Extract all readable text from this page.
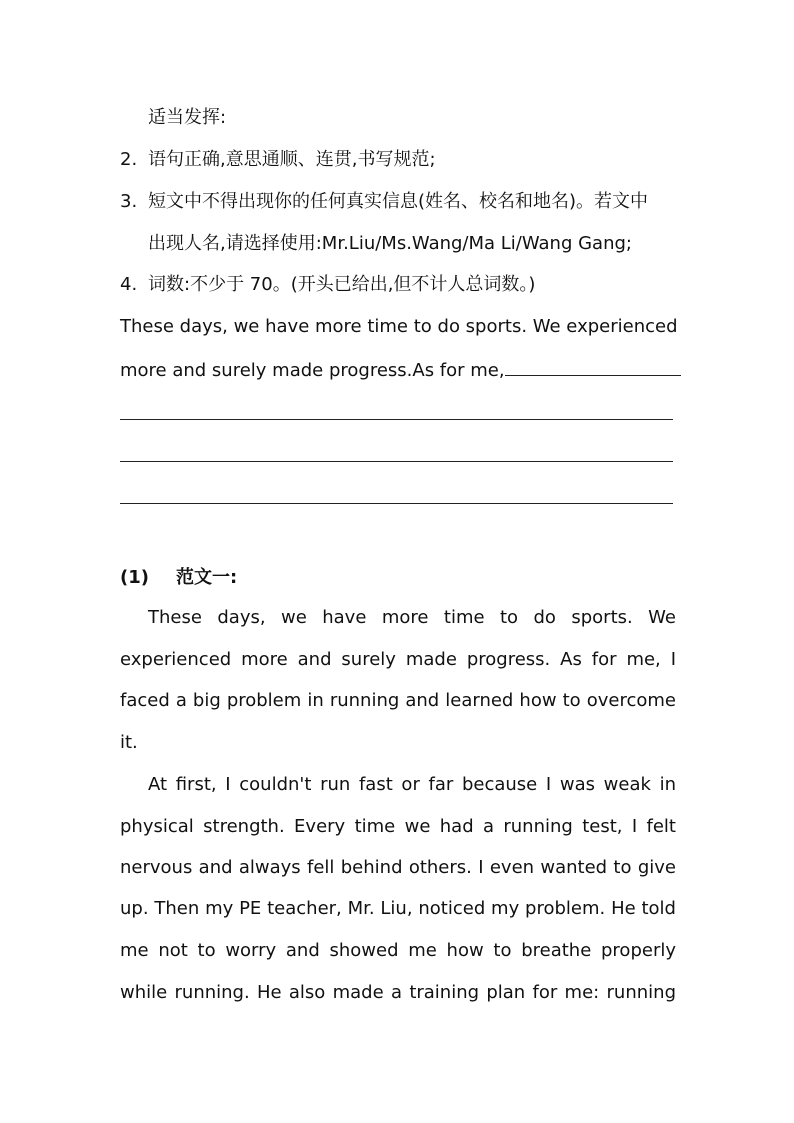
适当发挥:
2. 语句正确,意思通顺、连贯,书写规范;
3. 短文中不得出现你的任何真实信息(姓名、校名和地名)。若文中
出现人名,请选择使用:Mr.Liu/Ms.Wang/Ma Li/Wang Gang;
4. 词数:不少于 70。(开头已给出,但不计人总词数。)
These days, we have more time to do sports. We experienced
more and surely made progress.As for me,
(1) 范文一:
These days, we have more time to do sports. We
experienced more and surely made progress. As for me, I
faced a big problem in running and learned how to overcome
it.
At first, I couldn't run fast or far because I was weak in
physical strength. Every time we had a running test, I felt
nervous and always fell behind others. I even wanted to give
up. Then my PE teacher, Mr. Liu, noticed my problem. He told
me not to worry and showed me how to breathe properly
while running. He also made a training plan for me: running
